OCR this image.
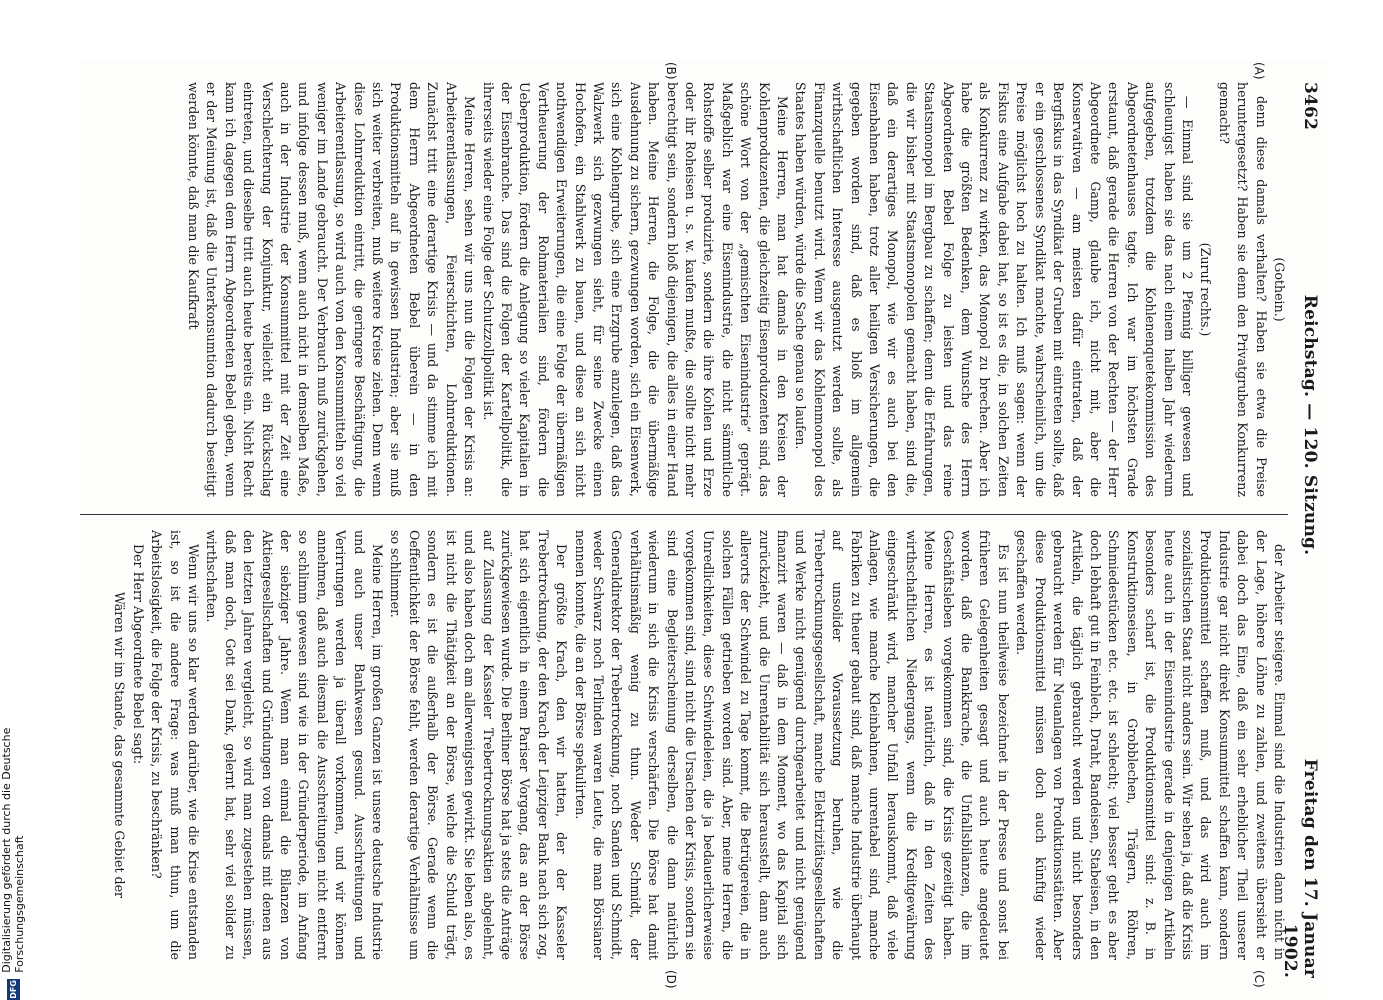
3462
Reichstag. — 120. Sitzung.
Freitag den 17. Januar 1902.
(A)
(B)
(C)
(D)

(Gothein.)

denn diese damals verhalten? Haben sie etwa die Preise heruntergesetzt? Haben sie denn den Privatgruben Konkurrenz gemacht?

(Zuruf rechts.)

— Einmal sind sie um 2 Pfennig billiger gewesen und schleunigst haben sie das nach einem halben Jahr wiederum aufgegeben, trotzdem die Kohlenenquetekommission des Abgeordnetenhauses tagte. Ich war im höchsten Grade erstaunt, daß gerade die Herren von der Rechten — der Herr Abgeordnete Gamp, glaube ich, nicht mit, aber die Konservativen — am meisten dafür eintraten, daß der Bergfiskus in das Syndikat der Gruben mit eintreten sollte, daß er ein geschlossenes Syndikat machte, wahrscheinlich, um die Preise möglichst hoch zu halten. Ich muß sagen: wenn der Fiskus eine Aufgabe dabei hat, so ist es die, in solchen Zeiten als Konkurrenz zu wirken, das Monopol zu brechen. Aber ich habe die größten Bedenken, dem Wunsche des Herrn Abgeordneten Bebel Folge zu leisten und das reine Staatsmonopol im Bergbau zu schaffen; denn die Erfahrungen, die wir bisher mit Staatsmonopolen gemacht haben, sind die, daß ein derartiges Monopol, wie wir es auch bei den Eisenbahnen haben, trotz aller heiligen Versicherungen, die gegeben worden sind, daß es bloß im allgemein wirthschaftlichen Interesse ausgenutzt werden sollte, als Finanzquelle benutzt wird. Wenn wir das Kohlenmonopol des Staates haben würden, würde die Sache genau so laufen.

Meine Herren, man hat damals in den Kreisen der Kohlenproduzenten, die gleichzeitig Eisenproduzenten sind, das schöne Wort von der „gemischten Eisenindustrie“ geprägt. Maßgeblich war eine Eisenindustrie, die nicht sämmtliche Rohstoffe selber produzirte, sondern die ihre Kohlen und Erze oder ihr Roheisen u. s. w. kaufen mußte, die sollte nicht mehr berechtigt sein, sondern bloß diejenigen, die alles in einer Hand haben. Meine Herren, die Folge, die die übermäßige Ausdehnung zu sichern, gezwungen worden, sich ein Eisenwerk, sich eine Kohlengrube, sich eine Erzgrube anzulegen, daß das Walzwerk sich gezwungen sieht, für seine Zwecke einen Hochofen, ein Stahlwerk zu bauen, und diese an sich nicht nothwendigen Erweiterungen, die eine Folge der übermäßigen Vertheuerung der Rohmaterialien sind, fördern die Ueberproduktion, fördern die Anlegung so vieler Kapitalien in der Eisenbranche. Das sind die Folgen der Kartellpolitik, die ihrerseits wieder eine Folge der Schutzzollpolitik ist.

Meine Herren, sehen wir uns nun die Folgen der Krisis an: Arbeiterentlassungen, Feierschichten, Lohnreduktionen. Zunächst tritt eine derartige Krisis — und da stimme ich mit dem Herrn Abgeordneten Bebel überein — in den Produktionsmitteln auf in gewissen Industrien; aber sie muß sich weiter verbreiten, muß weitere Kreise ziehen. Denn wenn diese Lohnreduktion eintritt, die geringere Beschäftigung, die Arbeiterentlassung, so wird auch von den Konsummitteln so viel weniger im Lande gebraucht. Der Verbrauch muß zurückgehen, und infolge dessen muß, wenn auch nicht in demselben Maße, auch in der Industrie der Konsummittel mit der Zeit eine Verschlechterung der Konjunktur, vielleicht ein Rückschlag eintreten, und dieselbe tritt auch heute bereits ein. Nicht Recht kann ich dagegen dem Herrn Abgeordneten Bebel geben, wenn er der Meinung ist, daß die Unterkonsumtion dadurch beseitigt werden könnte, daß man die Kaufkraft

der Arbeiter steigere. Einmal sind die Industrien dann nicht in der Lage, höhere Löhne zu zahlen, und zweitens übersieht er dabei doch das Eine, daß ein sehr erheblicher Theil unserer Industrie gar nicht direkt Konsummittel schaffen kann, sondern Produktionsmittel schaffen muß, und das wird auch im sozialistischen Staat nicht anders sein. Wir sehen ja, daß die Krisis heute auch in der Eisenindustrie gerade in denjenigen Artikeln besonders scharf ist, die Produktionsmittel sind: z. B. in Konstruktionseisen, in Grobblechen, Trägern, Röhren, Schmiedestücken etc. etc. ist schlecht; viel besser geht es aber doch lebhaft gut in Feinblech, Draht, Bandeisen, Stabeisen, in den Artikeln, die täglich gebraucht werden und nicht besonders gebraucht werden für Neuanlagen von Produktionsstätten. Aber diese Produktionsmittel müssen doch auch künftig wieder geschaffen werden.

Es ist nun theilweise bezeichnet in der Presse und sonst bei früheren Gelegenheiten gesagt und auch heute angedeutet worden, daß die Bankkrache, die Unfallsbilanzen, die im Geschäftsleben vorgekommen sind, die Krisis gezeitigt haben. Meine Herren, es ist natürlich, daß in den Zeiten des wirthschaftlichen Niedergangs, wenn die Kreditgewährung eingeschränkt wird, mancher Unfall herauskommt, daß viele Anlagen, wie manche Kleinbahnen, unrentabel sind, manche Fabriken zu theuer gebaut sind, daß manche Industrie überhaupt auf unsolider Voraussetzung beruhen, wie die Trebertrocknungsgesellschaft, manche Elektrizitätsgesellschaften und Werke nicht genügend durchgearbeitet und nicht genügend finanzirt waren — daß in dem Moment, wo das Kapital sich zurückzieht, und die Unrentabilität sich herausstellt, dann auch allerorts der Schwindel zu Tage kommt, die Betrügereien, die in solchen Fällen getrieben worden sind. Aber, meine Herren, die Unredlichkeiten, diese Schwindeleien, die ja bedauerlicherweise vorgekommen sind, sind nicht die Ursachen der Krisis, sondern sie sind eine Begleiterscheinung derselben, die dann natürlich wiederum in sich die Krisis verschärfen. Die Börse hat damit verhältnismäßig wenig zu thun. Weder Schmidt, der Generaldirektor der Trebertrocknung, noch Sanden und Schmidt, weder Schwarz noch Terlinden waren Leute, die man Börsianer nennen konnte, die an der Börse spekulirten.

Der größte Krach, den wir hatten, der der Kasseler Trebertrocknung, der den Krach der Leipziger Bank nach sich zog, hat sich eigentlich in einem Pariser Vorgang, das an der Börse zurückgewiesen wurde. Die Berliner Börse hat ja stets die Anträge auf Zulassung der Kasseler Trebertrocknungsaktien abgelehnt, und also haben doch am allerwenigsten gewirkt. Sie leben also, es ist nicht die Thätigkeit an der Börse, welche die Schuld trägt, sondern es ist die außerhalb der Börse. Gerade wenn die Oeffentlichkeit der Börse fehlt, werden derartige Verhältnisse um so schlimmer.

Meine Herren, im großen Ganzen ist unsere deutsche Industrie und auch unser Bankwesen gesund. Ausschreitungen und Verirrungen werden ja überall vorkommen, und wir können annehmen, daß auch diesmal die Ausschreitungen nicht entfernt so schlimm gewesen sind wie in der Gründerperiode, im Anfang der siebziger Jahre. Wenn man einmal die Bilanzen von Aktiengesellschaften und Gründungen von damals mit denen aus den letzten Jahren vergleicht, so wird man zugestehen müssen, daß man doch, Gott sei Dank, gelernt hat, sehr viel solider zu wirthschaften.

Wenn wir uns so klar werden darüber, wie die Krise entstanden ist, so ist die andere Frage: was muß man thun, um die Arbeitslosigkeit, die Folge der Krisis, zu beschränken?

Der Herr Abgeordnete Bebel sagt:

Wären wir im Stande, das gesammte Gebiet der

DFG
Digitalisierung gefördert durch die Deutsche Forschungsgemeinschaft
